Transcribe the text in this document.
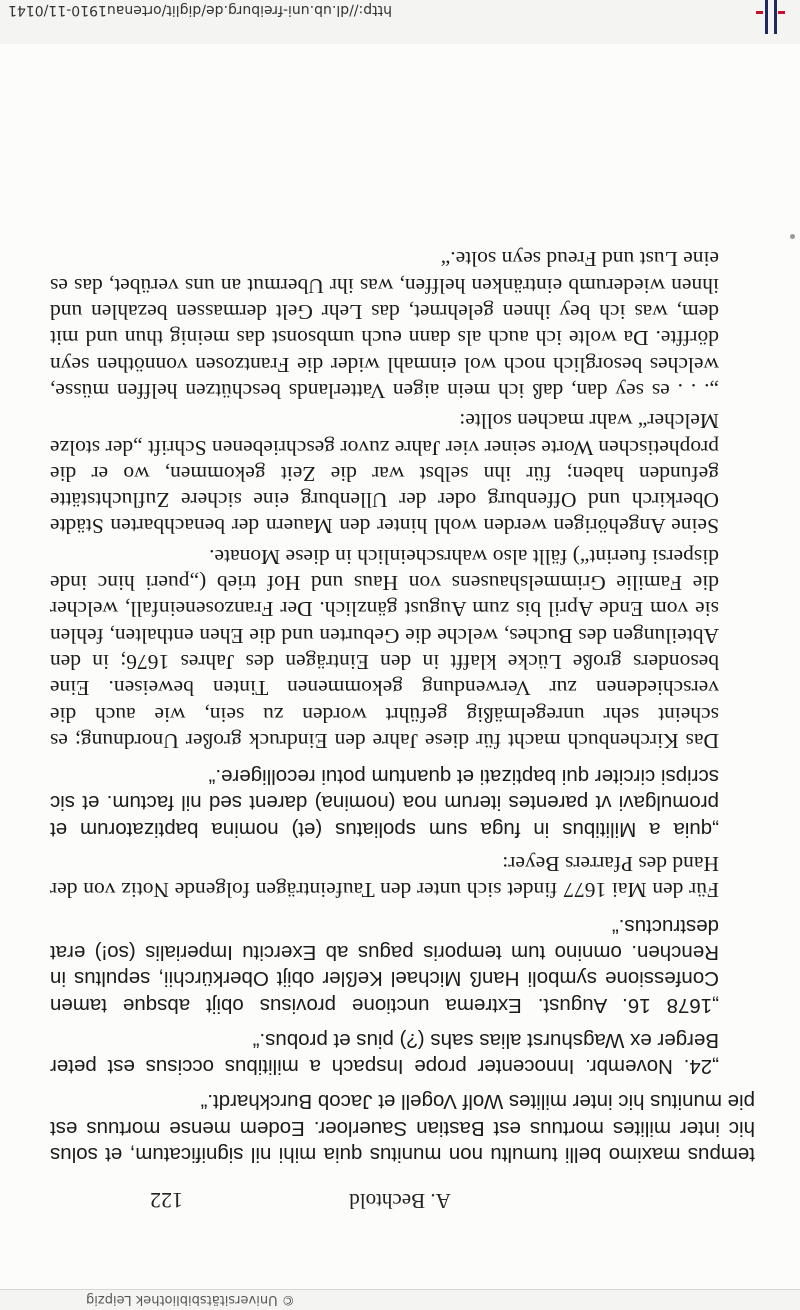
http://dl.ub.uni-freiburg.de/diglit/ortenau1910-11/0141
122	A. Bechtold

tempus maximo belli tumultu non munitus quia mihi nil significatum, et solus hic inter milites mortuus est Bastian Sauerloer. Eodem mense mortuus est pie munitus hic inter milites Wolf Vogell et Jacob Burckhardt.“

„24. Novembr. Innocenter prope Inspach a militibus occisus est peter Berger ex Wagshurst alias sahs (?) pius et probus.“

„1678 16. August. Extrema unctione provisus obijt absque tamen Confessione symboli Hanß Michael Keßler obijt Oberkürchii, sepultus in Renchen. omnino tum temporis pagus ab Exercitu Imperialis (so!) erat destructus.“

Für den Mai 1677 findet sich unter den Taufeinträgen folgende Notiz von der Hand des Pfarrers Beyer:

„quia a Militibus in fuga sum spoliatus (et) nomina baptizatorum et promulgavi vt parentes iterum noa (nomina) darent sed nil factum. et sic scripsi circiter qui baptizati et quantum potui recolligere.“

Das Kirchenbuch macht für diese Jahre den Eindruck großer Unordnung; es scheint sehr unregelmäßig geführt worden zu sein, wie auch die verschiedenen zur Verwendung gekommenen Tinten beweisen. Eine besonders große Lücke klafft in den Einträgen des Jahres 1676; in den Abteilungen des Buches, welche die Geburten und die Ehen enthalten, fehlen sie vom Ende April bis zum August gänzlich. Der Franzoseneinfall, welcher die Familie Grimmelshausens von Haus und Hof trieb („pueri hinc inde dispersi fuerint“) fällt also wahrscheinlich in diese Monate.

Seine Angehörigen werden wohl hinter den Mauern der benachbarten Städte Oberkirch und Offenburg oder der Ullenburg eine sichere Zufluchtstätte gefunden haben; für ihn selbst war die Zeit gekommen, wo er die prophetischen Worte seiner vier Jahre zuvor geschriebenen Schrift „der stolze Melcher“ wahr machen sollte:

„. . . es sey dan, daß ich mein aigen Vatterlands beschützen helffen müsse, welches besorglich noch wol einmahl wider die Frantzosen vonnöthen seyn dörffte. Da wolte ich auch als dann euch umbsonst das meinig thun und mit dem, was ich bey ihnen gelehrnet, das Lehr Gelt dermassen bezahlen und ihnen wiederumb eintränken helffen, was ihr Ubermut an uns verübet, das es eine Lust und Freud seyn solte.“

© Universitätsbibliothek Leipzig
